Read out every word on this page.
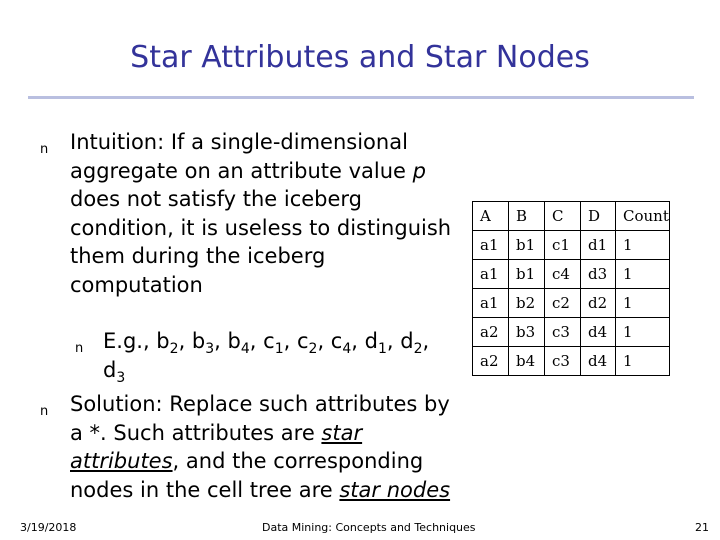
Star Attributes and Star Nodes
n Intuition: If a single-dimensional aggregate on an attribute value p does not satisfy the iceberg condition, it is useless to distinguish them during the iceberg computation
n E.g., $b_2$, $b_3$, $b_4$, $c_1$, $c_2$, $c_4$, $d_1$, $d_2$, $d_3$
n Solution: Replace such attributes by a *. Such attributes are star attributes, and the corresponding nodes in the cell tree are star nodes
A	B	C	D	Count
a1	b1	c1	d1	1
a1	b1	c4	d3	1
a1	b2	c2	d2	1
a2	b3	c3	d4	1
a2	b4	c3	d4	1
3/19/2018	Data Mining: Concepts and Techniques	21
